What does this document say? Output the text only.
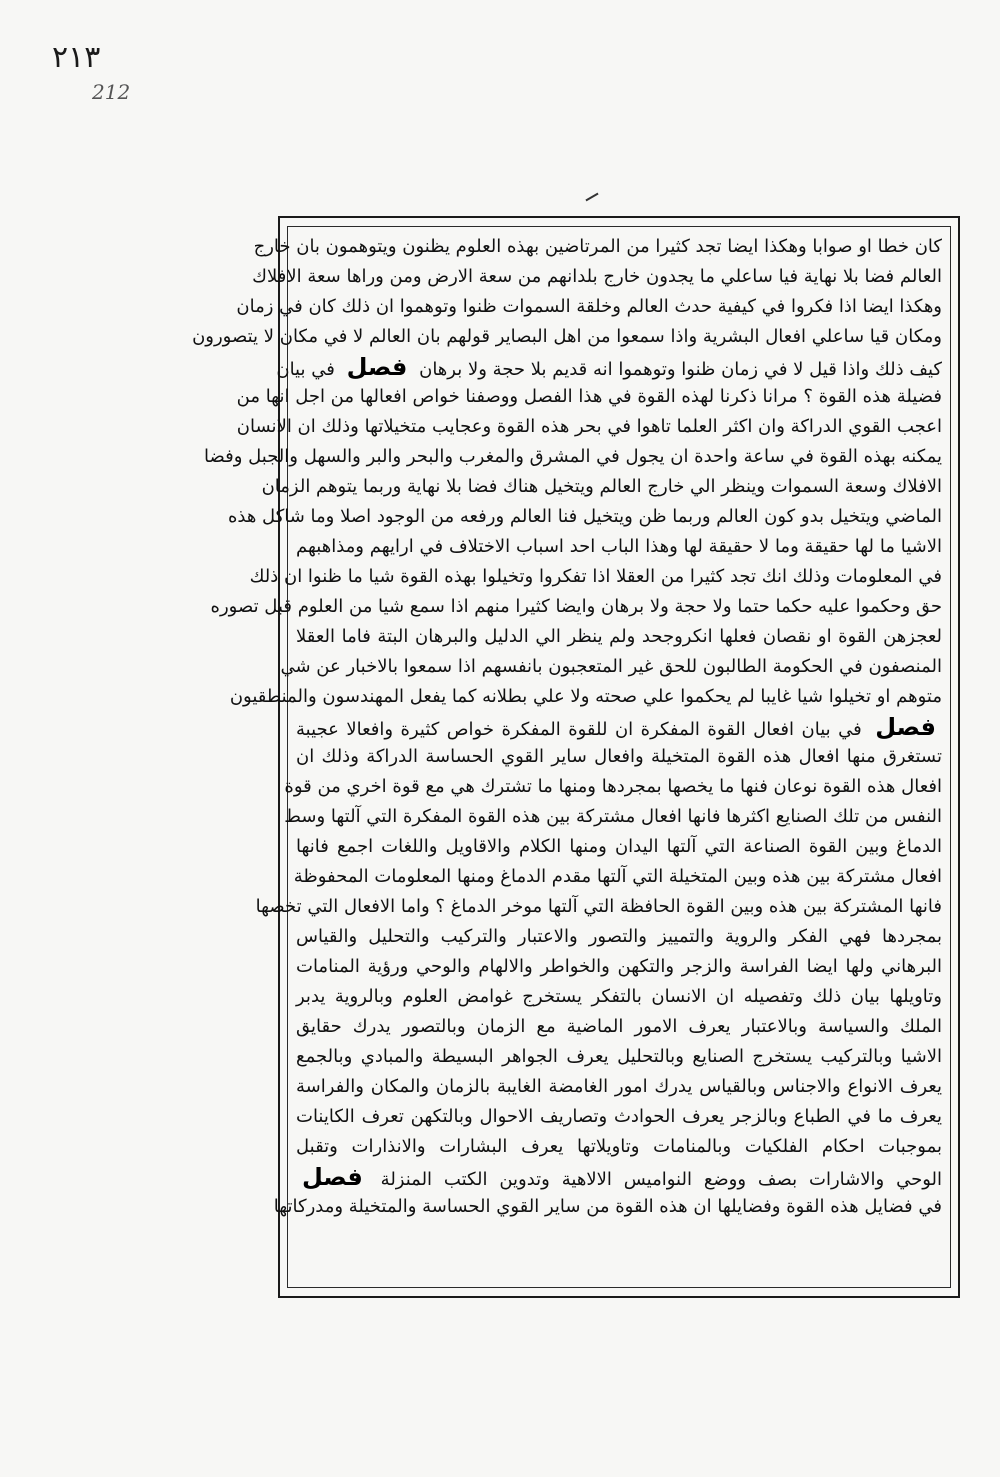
٢١٣
212
كان خطا او صوابا وهكذا ايضا تجد كثيرا من المرتاضين بهذه العلوم يظنون ويتوهمون بان خارج
العالم فضا بلا نهاية فيا ساعلي ما يجدون خارج بلدانهم من سعة الارض ومن وراها سعة الافلاك
وهكذا ايضا اذا فكروا في كيفية حدث العالم وخلقة السموات ظنوا وتوهموا ان ذلك كان في زمان
ومكان قيا ساعلي افعال البشرية واذا سمعوا من اهل البصاير قولهم بان العالم لا في مكان لا يتصورون
كيف ذلك واذا قيل لا في زمان ظنوا وتوهموا انه قديم بلا حجة ولا برهان فصل في بيان
فضيلة هذه القوة ؟ مرانا ذكرنا لهذه القوة في هذا الفصل ووصفنا خواص افعالها من اجل انها من
اعجب القوي الدراكة وان اكثر العلما تاهوا في بحر هذه القوة وعجايب متخيلاتها وذلك ان الانسان
يمكنه بهذه القوة في ساعة واحدة ان يجول في المشرق والمغرب والبحر والبر والسهل والجبل وفضا
الافلاك وسعة السموات وينظر الي خارج العالم ويتخيل هناك فضا بلا نهاية وربما يتوهم الزمان
الماضي ويتخيل بدو كون العالم وربما ظن ويتخيل فنا العالم ورفعه من الوجود اصلا وما شاكل هذه
الاشيا ما لها حقيقة وما لا حقيقة لها وهذا الباب احد اسباب الاختلاف في ارايهم ومذاهبهم
في المعلومات وذلك انك تجد كثيرا من العقلا اذا تفكروا وتخيلوا بهذه القوة شيا ما ظنوا ان ذلك
حق وحكموا عليه حكما حتما ولا حجة ولا برهان وايضا كثيرا منهم اذا سمع شيا من العلوم قبل تصوره
لعجزهن القوة او نقصان فعلها انكروجحد ولم ينظر الي الدليل والبرهان البتة فاما العقلا
المنصفون في الحكومة الطالبون للحق غير المتعجبون بانفسهم اذا سمعوا بالاخبار عن شي
متوهم او تخيلوا شيا غايبا لم يحكموا علي صحته ولا علي بطلانه كما يفعل المهندسون والمنطقيون
فصل في بيان افعال القوة المفكرة ان للقوة المفكرة خواص كثيرة وافعالا عجيبة
تستغرق منها افعال هذه القوة المتخيلة وافعال ساير القوي الحساسة الدراكة وذلك ان
افعال هذه القوة نوعان فنها ما يخصها بمجردها ومنها ما تشترك هي مع قوة اخري من قوة
النفس من تلك الصنايع اكثرها فانها افعال مشتركة بين هذه القوة المفكرة التي آلتها وسط
الدماغ وبين القوة الصناعة التي آلتها اليدان ومنها الكلام والاقاويل واللغات اجمع فانها
افعال مشتركة بين هذه وبين المتخيلة التي آلتها مقدم الدماغ ومنها المعلومات المحفوظة
فانها المشتركة بين هذه وبين القوة الحافظة التي آلتها موخر الدماغ ؟ واما الافعال التي تخصها
بمجردها فهي الفكر والروية والتمييز والتصور والاعتبار والتركيب والتحليل والقياس
البرهاني ولها ايضا الفراسة والزجر والتكهن والخواطر والالهام والوحي ورؤية المنامات
وتاويلها بيان ذلك وتفصيله ان الانسان بالتفكر يستخرج غوامض العلوم وبالروية يدبر
الملك والسياسة وبالاعتبار يعرف الامور الماضية مع الزمان وبالتصور يدرك حقايق
الاشيا وبالتركيب يستخرج الصنايع وبالتحليل يعرف الجواهر البسيطة والمبادي وبالجمع
يعرف الانواع والاجناس وبالقياس يدرك امور الغامضة الغايبة بالزمان والمكان والفراسة
يعرف ما في الطباع وبالزجر يعرف الحوادث وتصاريف الاحوال وبالتكهن تعرف الكاينات
بموجبات احكام الفلكيات وبالمنامات وتاويلاتها يعرف البشارات والانذارات وتقبل
الوحي والاشارات بصف ووضع النواميس الالاهية وتدوين الكتب المنزلة فصل
في فضايل هذه القوة وفضايلها ان هذه القوة من ساير القوي الحساسة والمتخيلة ومدركاتها
